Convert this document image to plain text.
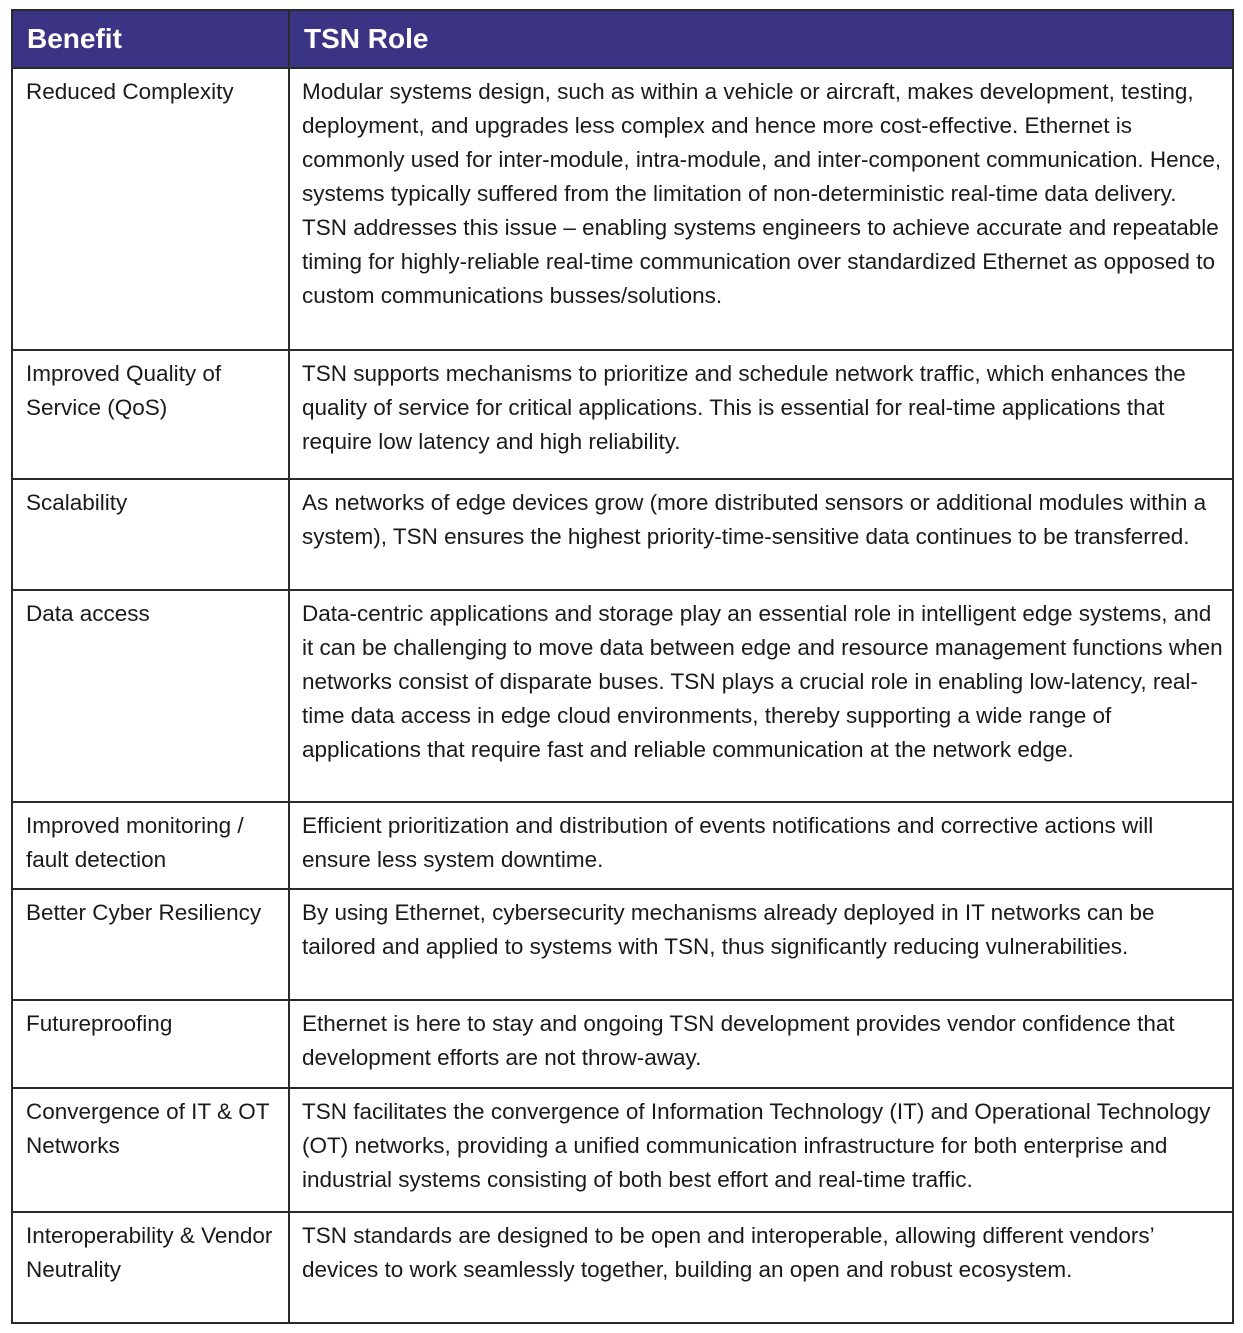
Benefit	TSN Role
Reduced Complexity	Modular systems design, such as within a vehicle or aircraft, makes development, testing, deployment, and upgrades less complex and hence more cost-effective. Ethernet is commonly used for inter-module, intra-module, and inter-component communication. Hence, systems typically suffered from the limitation of non-deterministic real-time data delivery. TSN addresses this issue – enabling systems engineers to achieve accurate and repeatable timing for highly-reliable real-time communication over standardized Ethernet as opposed to custom communications busses/solutions.
Improved Quality of Service (QoS)	TSN supports mechanisms to prioritize and schedule network traffic, which enhances the quality of service for critical applications. This is essential for real-time applications that require low latency and high reliability.
Scalability	As networks of edge devices grow (more distributed sensors or additional modules within a system), TSN ensures the highest priority-time-sensitive data continues to be transferred.
Data access	Data-centric applications and storage play an essential role in intelligent edge systems, and it can be challenging to move data between edge and resource management functions when networks consist of disparate buses. TSN plays a crucial role in enabling low-latency, real-time data access in edge cloud environments, thereby supporting a wide range of applications that require fast and reliable communication at the network edge.
Improved monitoring / fault detection	Efficient prioritization and distribution of events notifications and corrective actions will ensure less system downtime.
Better Cyber Resiliency	By using Ethernet, cybersecurity mechanisms already deployed in IT networks can be tailored and applied to systems with TSN, thus significantly reducing vulnerabilities.
Futureproofing	Ethernet is here to stay and ongoing TSN development provides vendor confidence that development efforts are not throw-away.
Convergence of IT & OT Networks	TSN facilitates the convergence of Information Technology (IT) and Operational Technology (OT) networks, providing a unified communication infrastructure for both enterprise and industrial systems consisting of both best effort and real-time traffic.
Interoperability & Vendor Neutrality	TSN standards are designed to be open and interoperable, allowing different vendors’ devices to work seamlessly together, building an open and robust ecosystem.
